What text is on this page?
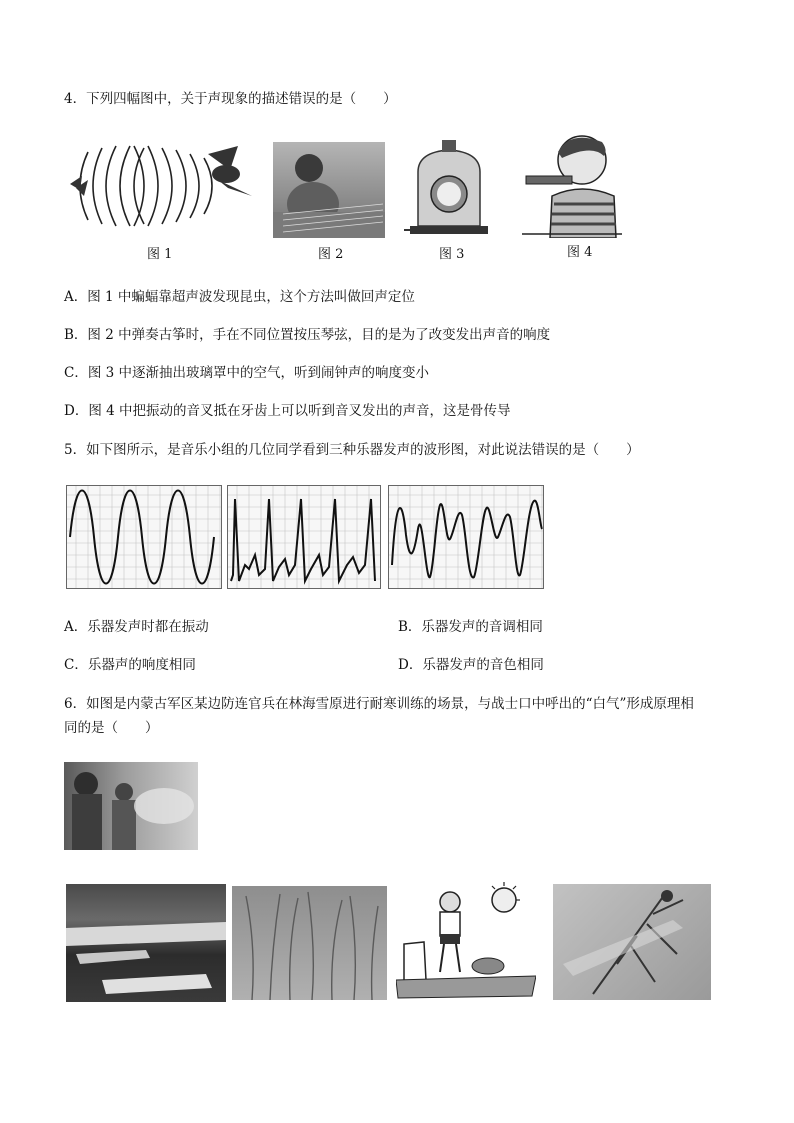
4．下列四幅图中，关于声现象的描述错误的是（　　）
图 1	图 2	图 3	图 4
A．图 1 中蝙蝠靠超声波发现昆虫，这个方法叫做回声定位
B．图 2 中弹奏古筝时，手在不同位置按压琴弦，目的是为了改变发出声音的响度
C．图 3 中逐渐抽出玻璃罩中的空气，听到闹钟声的响度变小
D．图 4 中把振动的音叉抵在牙齿上可以听到音叉发出的声音，这是骨传导
5．如下图所示，是音乐小组的几位同学看到三种乐器发声的波形图，对此说法错误的是（　　）
A．乐器发声时都在振动	B．乐器发声的音调相同
C．乐器声的响度相同	D．乐器发声的音色相同
6．如图是内蒙古军区某边防连官兵在林海雪原进行耐寒训练的场景，与战士口中呼出的“白气”形成原理相
同的是（　　）
